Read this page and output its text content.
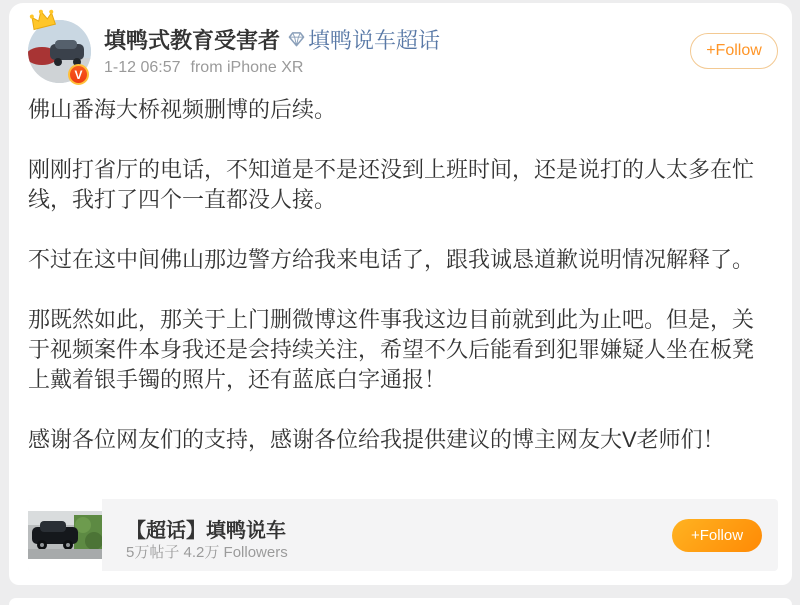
V
填鸭式教育受害者 填鸭说车超话
1-12 06:57 from iPhone XR
+Follow

佛山番海大桥视频删博的后续。

刚刚打省厅的电话，不知道是不是还没到上班时间，还是说打的人太多在忙线，我打了四个一直都没人接。

不过在这中间佛山那边警方给我来电话了，跟我诚恳道歉说明情况解释了。

那既然如此，那关于上门删微博这件事我这边目前就到此为止吧。但是，关于视频案件本身我还是会持续关注，希望不久后能看到犯罪嫌疑人坐在板凳上戴着银手镯的照片，还有蓝底白字通报！

感谢各位网友们的支持，感谢各位给我提供建议的博主网友大V老师们！

【超话】填鸭说车
5万帖子 4.2万 Followers
+Follow
